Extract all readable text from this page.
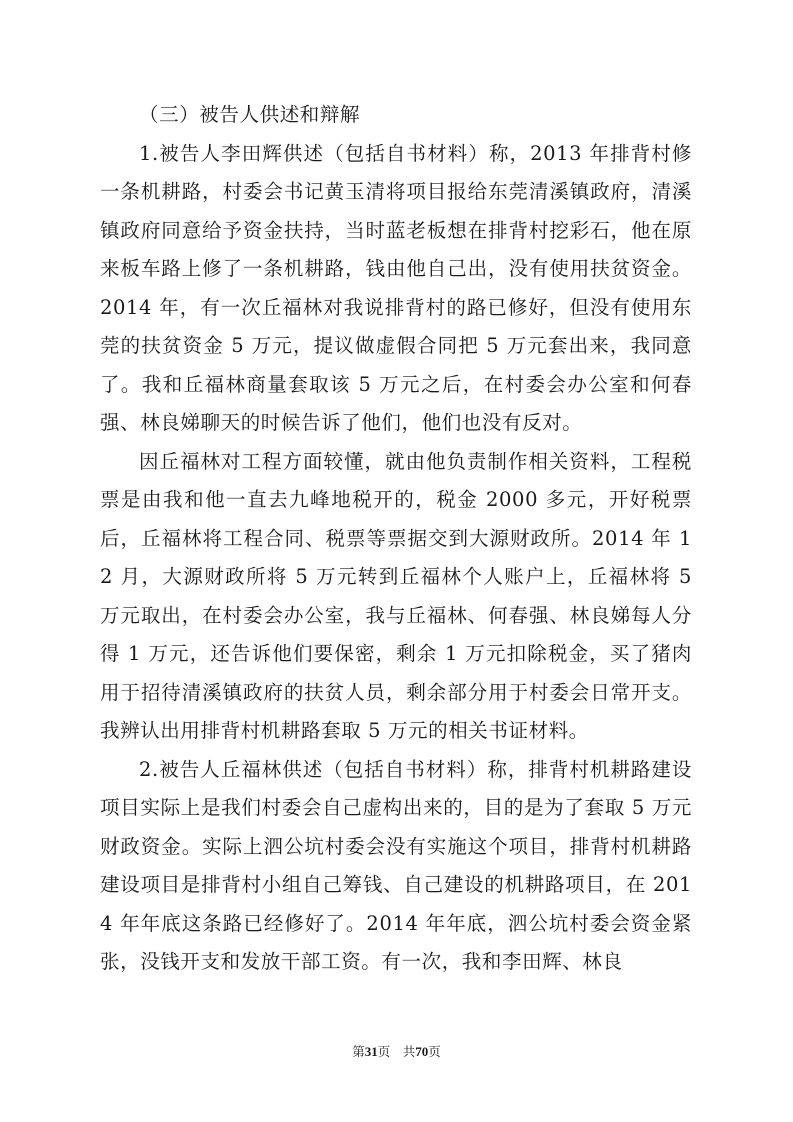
（三）被告人供述和辩解

1.被告人李田辉供述（包括自书材料）称，2013 年排背村修一条机耕路，村委会书记黄玉清将项目报给东莞清溪镇政府，清溪镇政府同意给予资金扶持，当时蓝老板想在排背村挖彩石，他在原来板车路上修了一条机耕路，钱由他自己出，没有使用扶贫资金。2014 年，有一次丘福林对我说排背村的路已修好，但没有使用东莞的扶贫资金 5 万元，提议做虚假合同把 5 万元套出来，我同意了。我和丘福林商量套取该 5 万元之后，在村委会办公室和何春强、林良娣聊天的时候告诉了他们，他们也没有反对。

因丘福林对工程方面较懂，就由他负责制作相关资料，工程税票是由我和他一直去九峰地税开的，税金 2000 多元，开好税票后，丘福林将工程合同、税票等票据交到大源财政所。2014 年 12 月，大源财政所将 5 万元转到丘福林个人账户上，丘福林将 5 万元取出，在村委会办公室，我与丘福林、何春强、林良娣每人分得 1 万元，还告诉他们要保密，剩余 1 万元扣除税金，买了猪肉用于招待清溪镇政府的扶贫人员，剩余部分用于村委会日常开支。我辨认出用排背村机耕路套取 5 万元的相关书证材料。

2.被告人丘福林供述（包括自书材料）称，排背村机耕路建设项目实际上是我们村委会自己虚构出来的，目的是为了套取 5 万元财政资金。实际上泗公坑村委会没有实施这个项目，排背村机耕路建设项目是排背村小组自己筹钱、自己建设的机耕路项目，在 2014 年年底这条路已经修好了。2014 年年底，泗公坑村委会资金紧张，没钱开支和发放干部工资。有一次，我和李田辉、林良

第31页　共70页
